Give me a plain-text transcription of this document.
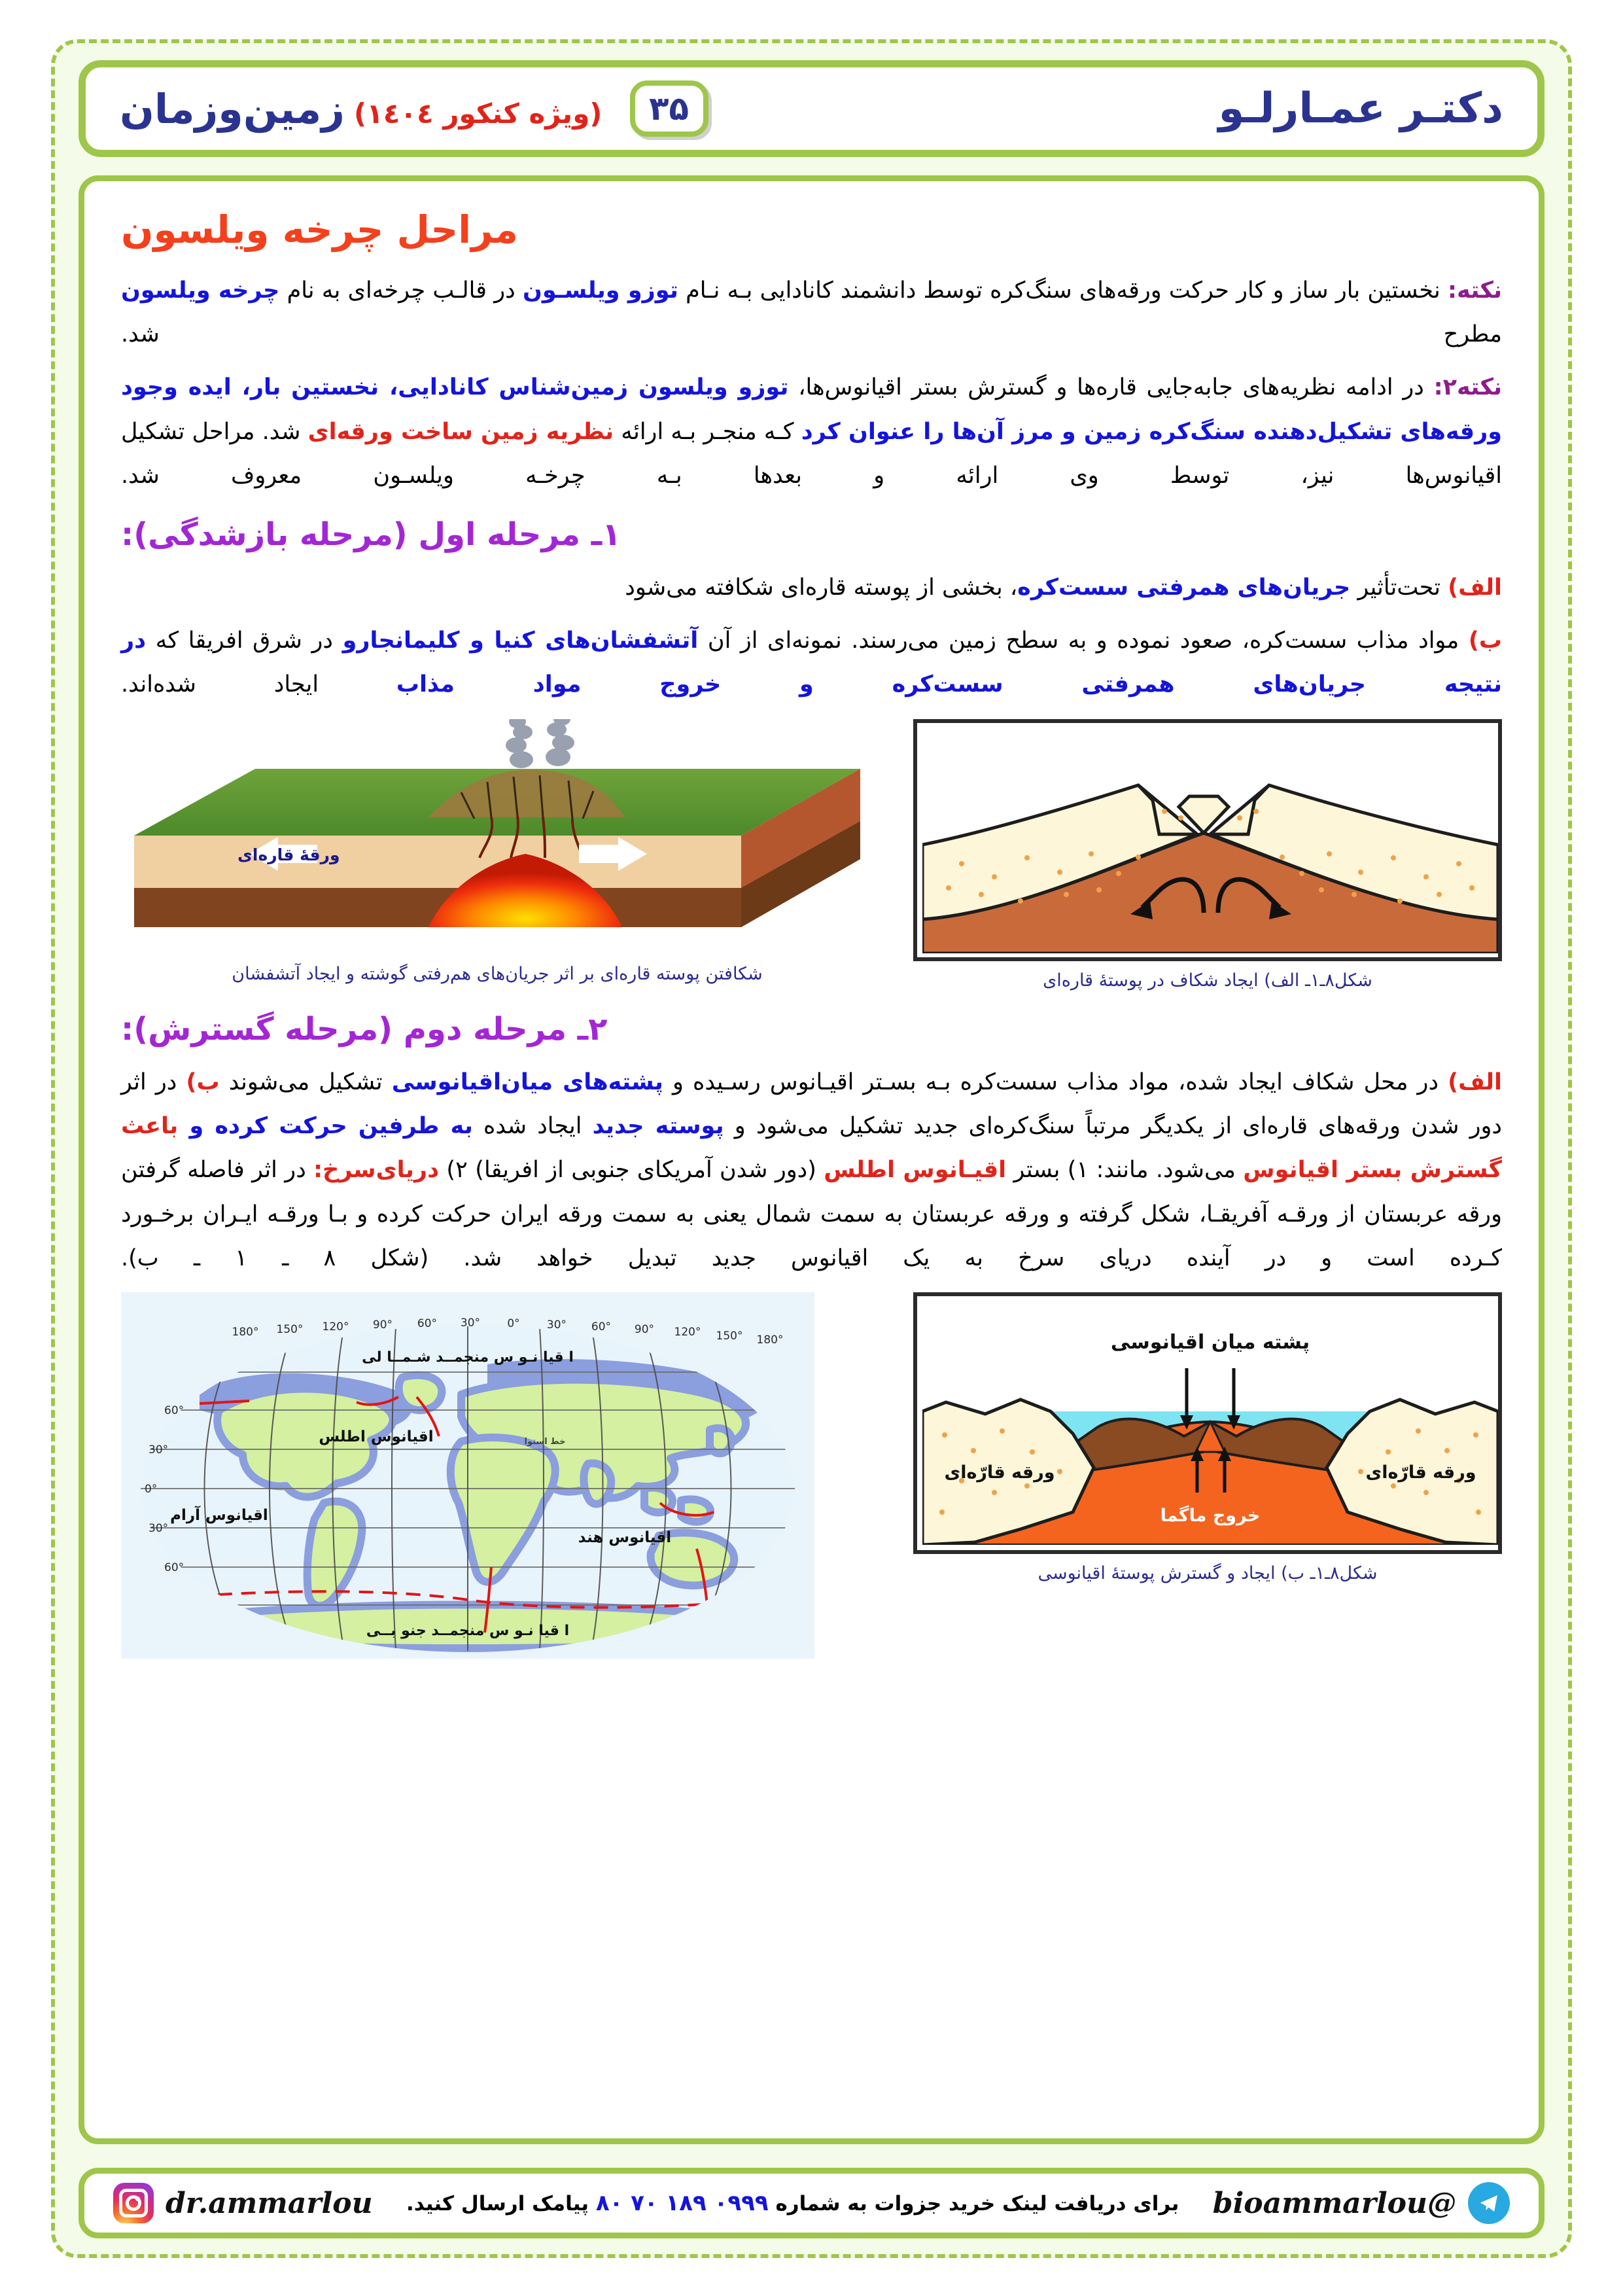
دکتـر عمـارلـو
۳۵
(ویژه کنکور ۱٤۰٤)
زمین‌وزمان
مراحل چرخه ویلسون

نکته: نخستین بار ساز و کار حرکت ورقه‌های سنگ‌کره توسط دانشمند کانادایی بـه نـام توزو ویلسـون در قالـب چرخه‌ای به نام چرخه ویلسون مطرح شد.

نکته۲: در ادامه نظریه‌های جابه‌جایی قاره‌ها و گسترش بستر اقیانوس‌ها، توزو ویلسون زمین‌شناس کانادایی، نخستین بار، ایده وجود ورقه‌های تشکیل‌دهنده سنگ‌کره زمین و مرز آن‌ها را عنوان کرد کـه منجـر بـه ارائه نظریه زمین ساخت ورقه‌ای شد. مراحل تشکیل اقیانوس‌ها نیز، توسط وی ارائه و بعدها بـه چرخـه ویلسـون معروف شد.

۱ـ مرحله اول (مرحله بازشدگی):

الف) تحت‌تأثیر جریان‌های همرفتی سست‌کره، بخشی از پوسته قاره‌ای شکافته می‌شود

ب) مواد مذاب سست‌کره، صعود نموده و به سطح زمین می‌رسند. نمونه‌ای از آن آتشفشان‌های کنیا و کلیمانجارو در شرق افریقا که در نتیجه جریان‌های همرفتی سست‌کره و خروج مواد مذاب ایجاد شده‌اند.

شکل۸ـ۱ـ الف) ایجاد شکاف در پوستهٔ قاره‌ای
ورقهٔ قاره‌ای
شکافتن پوسته قاره‌ای بر اثر جریان‌های هم‌رفتی گوشته و ایجاد آتشفشان
۲ـ مرحله دوم (مرحله گسترش):

الف) در محل شکاف ایجاد شده، مواد مذاب سست‌کره بـه بسـتر اقیـانوس رسـیده و پشته‌های میان‌اقیانوسی تشکیل می‌شوند ب) در اثر دور شدن ورقه‌های قاره‌ای از یکدیگر مرتباً سنگ‌کره‌ای جدید تشکیل می‌شود و پوسته جدید ایجاد شده به طرفین حرکت کرده و باعث گسترش بستر اقیانوس می‌شود. مانند: ۱) بستر اقیـانوس اطلس (دور شدن آمریکای جنوبی از افریقا) ۲) دریای‌سرخ: در اثر فاصله گرفتن ورقه عربستان از ورقـه آفریقـا، شکل گرفته و ورقه عربستان به سمت شمال یعنی به سمت ورقه ایران حرکت کرده و بـا ورقـه ایـران برخـورد کـرده است و در آینده دریای سرخ به یک اقیانوس جدید تبدیل خواهد شد. (شکل ۸ ـ ۱ ـ ب).

پشته میان اقیانوسی
ورقه قارّه‌ای	ورقه قارّه‌ای
خروج ماگما
شکل۸ـ۱ـ ب) ایجاد و گسترش پوستهٔ اقیانوسی
180° 150° 120° 90° 60° 30° 0° 30° 60° 90° 120° 150° 180°
60°
30°
0°
30°
60°
اقیانوس اطلس
اقیانوس آرام
اقیانوس هند
ا قیا نـو س منجمــد شـمــا لی
ا قیا نـو س منجمــد جنو بــی
خط استوا
@bioammarlou
برای دریافت لینک خرید جزوات به شماره ۰۹۹۹ ۱۸۹ ۷۰ ۸۰ پیامک ارسال کنید.
dr.ammarlou
